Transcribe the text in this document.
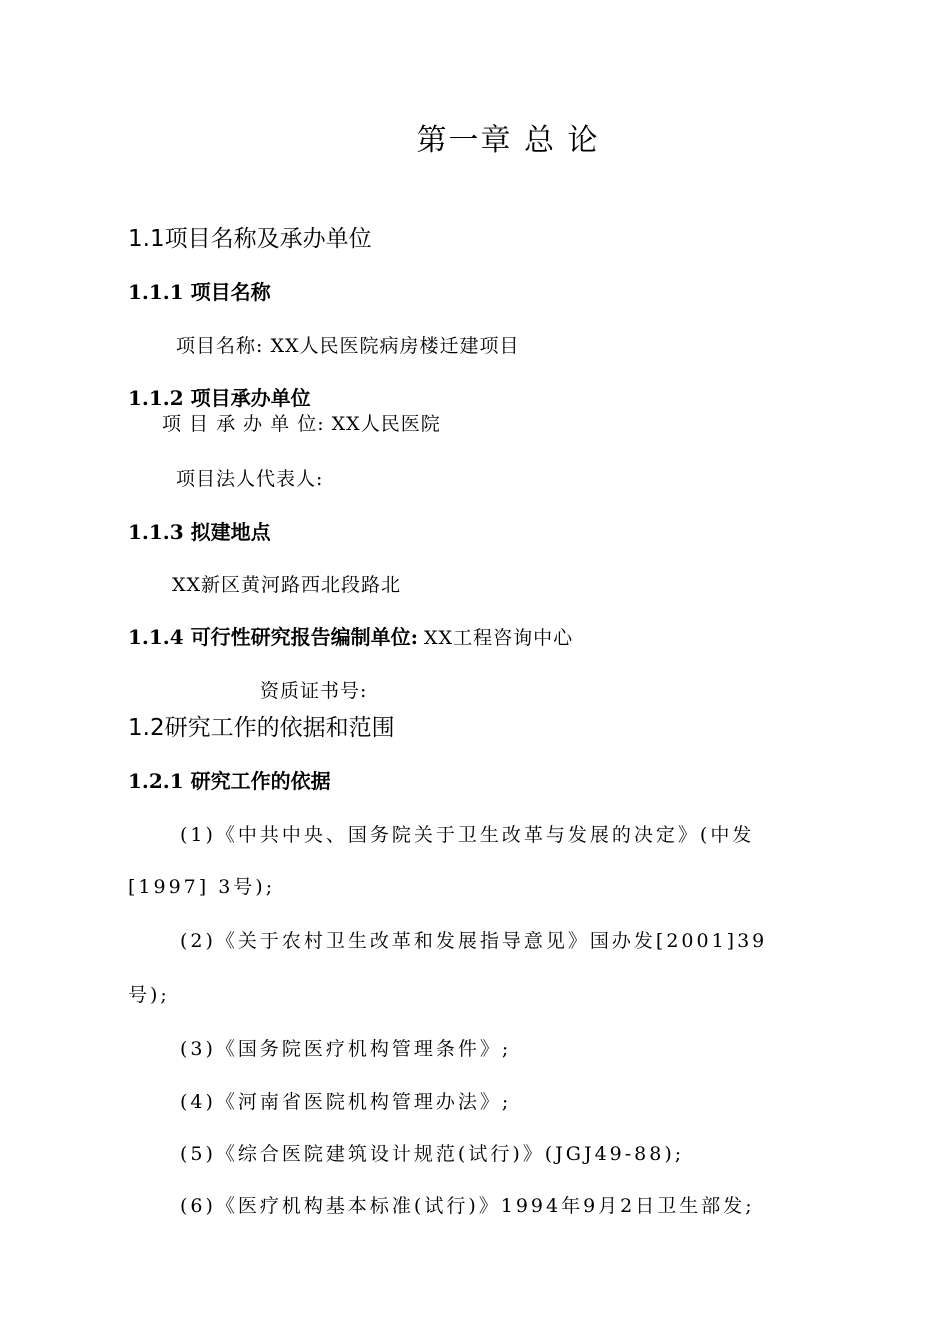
第一章 总 论
1.1项目名称及承办单位
1.1.1 项目名称
项目名称: XX人民医院病房楼迁建项目
1.1.2 项目承办单位
项 目 承 办 单 位: XX人民医院
项目法人代表人:
1.1.3 拟建地点
XX新区黄河路西北段路北
1.1.4 可行性研究报告编制单位: XX工程咨询中心
资质证书号:
1.2研究工作的依据和范围
1.2.1 研究工作的依据
(1)《中共中央、国务院关于卫生改革与发展的决定》(中发
[1997] 3号);
(2)《关于农村卫生改革和发展指导意见》国办发[2001]39
号);
(3)《国务院医疗机构管理条件》;
(4)《河南省医院机构管理办法》;
(5)《综合医院建筑设计规范(试行)》(JGJ49-88);
(6)《医疗机构基本标准(试行)》1994年9月2日卫生部发;
